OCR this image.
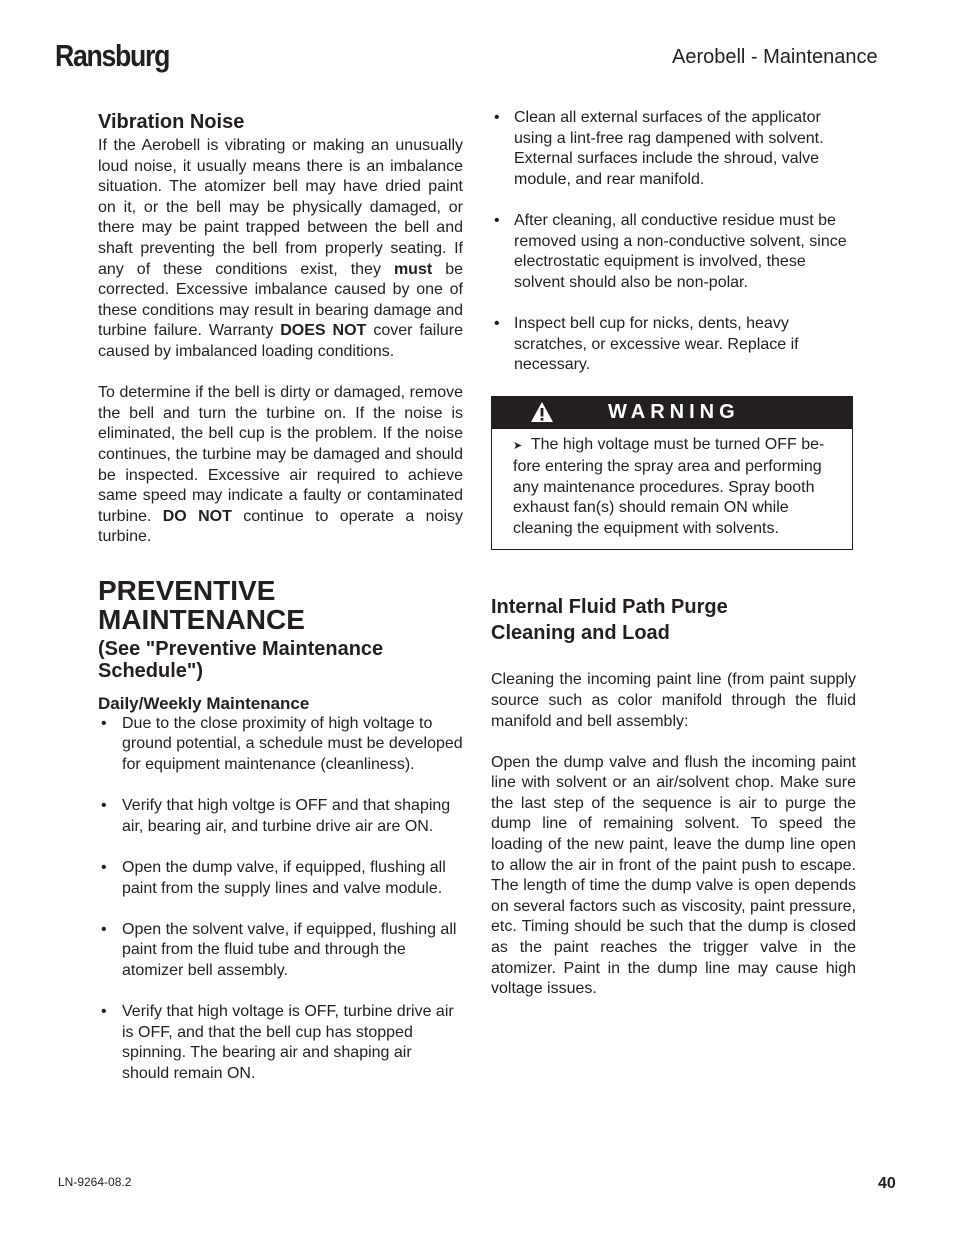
Ransburg	Aerobell - Maintenance
Vibration Noise

If the Aerobell is vibrating or making an unusually loud noise, it usually means there is an imbalance situation. The atomizer bell may have dried paint on it, or the bell may be physically damaged, or there may be paint trapped between the bell and shaft preventing the bell from properly seating. If any of these conditions exist, they must be corrected. Excessive imbalance caused by one of these conditions may result in bearing damage and turbine failure. Warranty DOES NOT cover failure caused by imbalanced loading conditions.

To determine if the bell is dirty or damaged, remove the bell and turn the turbine on. If the noise is eliminated, the bell cup is the problem. If the noise continues, the turbine may be damaged and should be inspected. Excessive air required to achieve same speed may indicate a faulty or contaminated turbine. DO NOT continue to operate a noisy turbine.

PREVENTIVE
MAINTENANCE
(See "Preventive Maintenance Schedule")
Daily/Weekly Maintenance
• Due to the close proximity of high voltage to ground potential, a schedule must be developed for equipment maintenance (cleanliness).
• Verify that high voltge is OFF and that shaping air, bearing air, and turbine drive air are ON.
• Open the dump valve, if equipped, flushing all paint from the supply lines and valve module.
• Open the solvent valve, if equipped, flushing all paint from the fluid tube and through the atomizer bell assembly.
• Verify that high voltage is OFF, turbine drive air is OFF, and that the bell cup has stopped spinning. The bearing air and shaping air should remain ON.
• Clean all external surfaces of the applicator using a lint-free rag dampened with solvent. External surfaces include the shroud, valve module, and rear manifold.
• After cleaning, all conductive residue must be removed using a non-conductive solvent, since electrostatic equipment is involved, these solvent should also be non-polar.
• Inspect bell cup for nicks, dents, heavy scratches, or excessive wear. Replace if necessary.
WARNING
➤ The high voltage must be turned OFF be-fore entering the spray area and performing any maintenance procedures. Spray booth exhaust fan(s) should remain ON while cleaning the equipment with solvents.
Internal Fluid Path Purge
Cleaning and Load

Cleaning the incoming paint line (from paint supply source such as color manifold through the fluid manifold and bell assembly:

Open the dump valve and flush the incoming paint line with solvent or an air/solvent chop. Make sure the last step of the sequence is air to purge the dump line of remaining solvent. To speed the loading of the new paint, leave the dump line open to allow the air in front of the paint push to escape. The length of time the dump valve is open depends on several factors such as viscosity, paint pressure, etc. Timing should be such that the dump is closed as the paint reaches the trigger valve in the atomizer. Paint in the dump line may cause high voltage issues.

LN-9264-08.2	40
